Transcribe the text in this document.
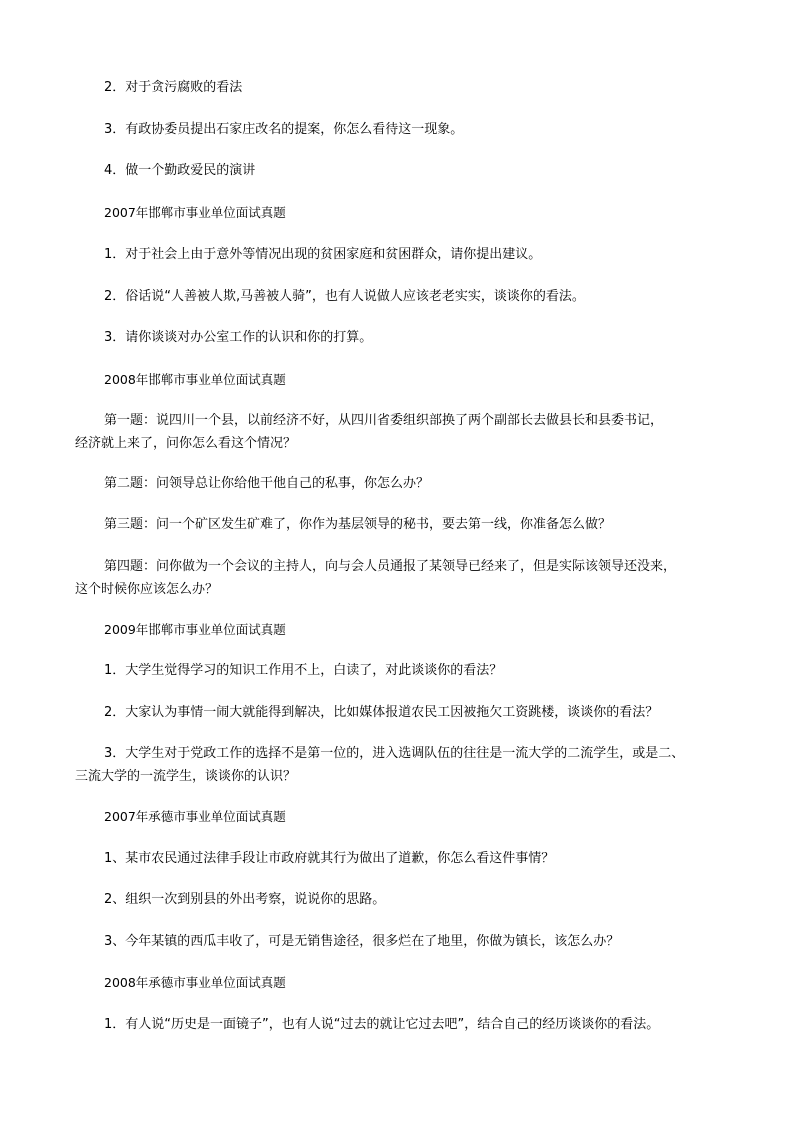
2．对于贪污腐败的看法
3．有政协委员提出石家庄改名的提案，你怎么看待这一现象。
4．做一个勤政爱民的演讲
2007年邯郸市事业单位面试真题
1．对于社会上由于意外等情况出现的贫困家庭和贫困群众，请你提出建议。
2．俗话说“人善被人欺,马善被人骑”，也有人说做人应该老老实实，谈谈你的看法。
3．请你谈谈对办公室工作的认识和你的打算。
2008年邯郸市事业单位面试真题
第一题：说四川一个县，以前经济不好，从四川省委组织部换了两个副部长去做县长和县委书记，
经济就上来了，问你怎么看这个情况？
第二题：问领导总让你给他干他自己的私事，你怎么办？
第三题：问一个矿区发生矿难了，你作为基层领导的秘书，要去第一线，你准备怎么做？
第四题：问你做为一个会议的主持人，向与会人员通报了某领导已经来了，但是实际该领导还没来，
这个时候你应该怎么办？
2009年邯郸市事业单位面试真题
1．大学生觉得学习的知识工作用不上，白读了，对此谈谈你的看法？
2．大家认为事情一闹大就能得到解决，比如媒体报道农民工因被拖欠工资跳楼，谈谈你的看法？
3．大学生对于党政工作的选择不是第一位的，进入选调队伍的往往是一流大学的二流学生，或是二、
三流大学的一流学生，谈谈你的认识？
2007年承德市事业单位面试真题
1、某市农民通过法律手段让市政府就其行为做出了道歉，你怎么看这件事情？
2、组织一次到别县的外出考察，说说你的思路。
3、今年某镇的西瓜丰收了，可是无销售途径，很多烂在了地里，你做为镇长，该怎么办？
2008年承德市事业单位面试真题
1．有人说“历史是一面镜子”，也有人说“过去的就让它过去吧”，结合自己的经历谈谈你的看法。
